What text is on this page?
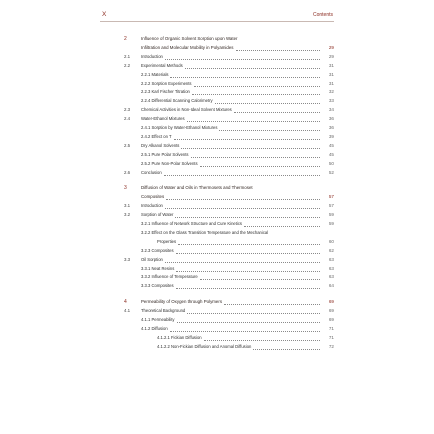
X	Contents
2	Influence of Organic Solvent Sorption upon Water
Infiltration and Molecular Mobility in Polyamides	29
2.1	Introduction	29
2.2	Experimental Methods	31
2.2.1 Materials	31
2.2.2 Sorption Experiments	31
2.2.3 Karl Fischer Titration	32
2.2.4 Differential Scanning Calorimetry	33
2.3	Chemical Activities in Non-Ideal Solvent Mixtures	34
2.4	Water-Ethanol Mixtures	36
2.4.1 Sorption by Water-Ethanol Mixtures	36
2.4.2 Effect on T	39
2.5	Dry Alkanol Solvents	45
2.5.1 Pure Polar Solvents	45
2.5.2 Pure Non-Polar Solvents	50
2.6	Conclusion	52
3	Diffusion of Water and Oils in Thermosets and Thermoset
Composites	57
3.1	Introduction	57
3.2	Sorption of Water	59
3.2.1 Influence of Network Structure and Cure Kinetics	59
3.2.2 Effect on the Glass Transition Temperature and the Mechanical
Properties	60
3.2.3 Composites	62
3.3	Oil Sorption	63
3.3.1 Neat Resins	63
3.3.2 Influence of Temperature	63
3.3.3 Composites	64
4	Permeability of Oxygen through Polymers	69
4.1	Theoretical Background	69
4.1.1 Permeability	69
4.1.2 Diffusion	71
4.1.2.1 Fickian Diffusion	71
4.1.2.2 Non-Fickian Diffusion and Anomal Diffusion	72
